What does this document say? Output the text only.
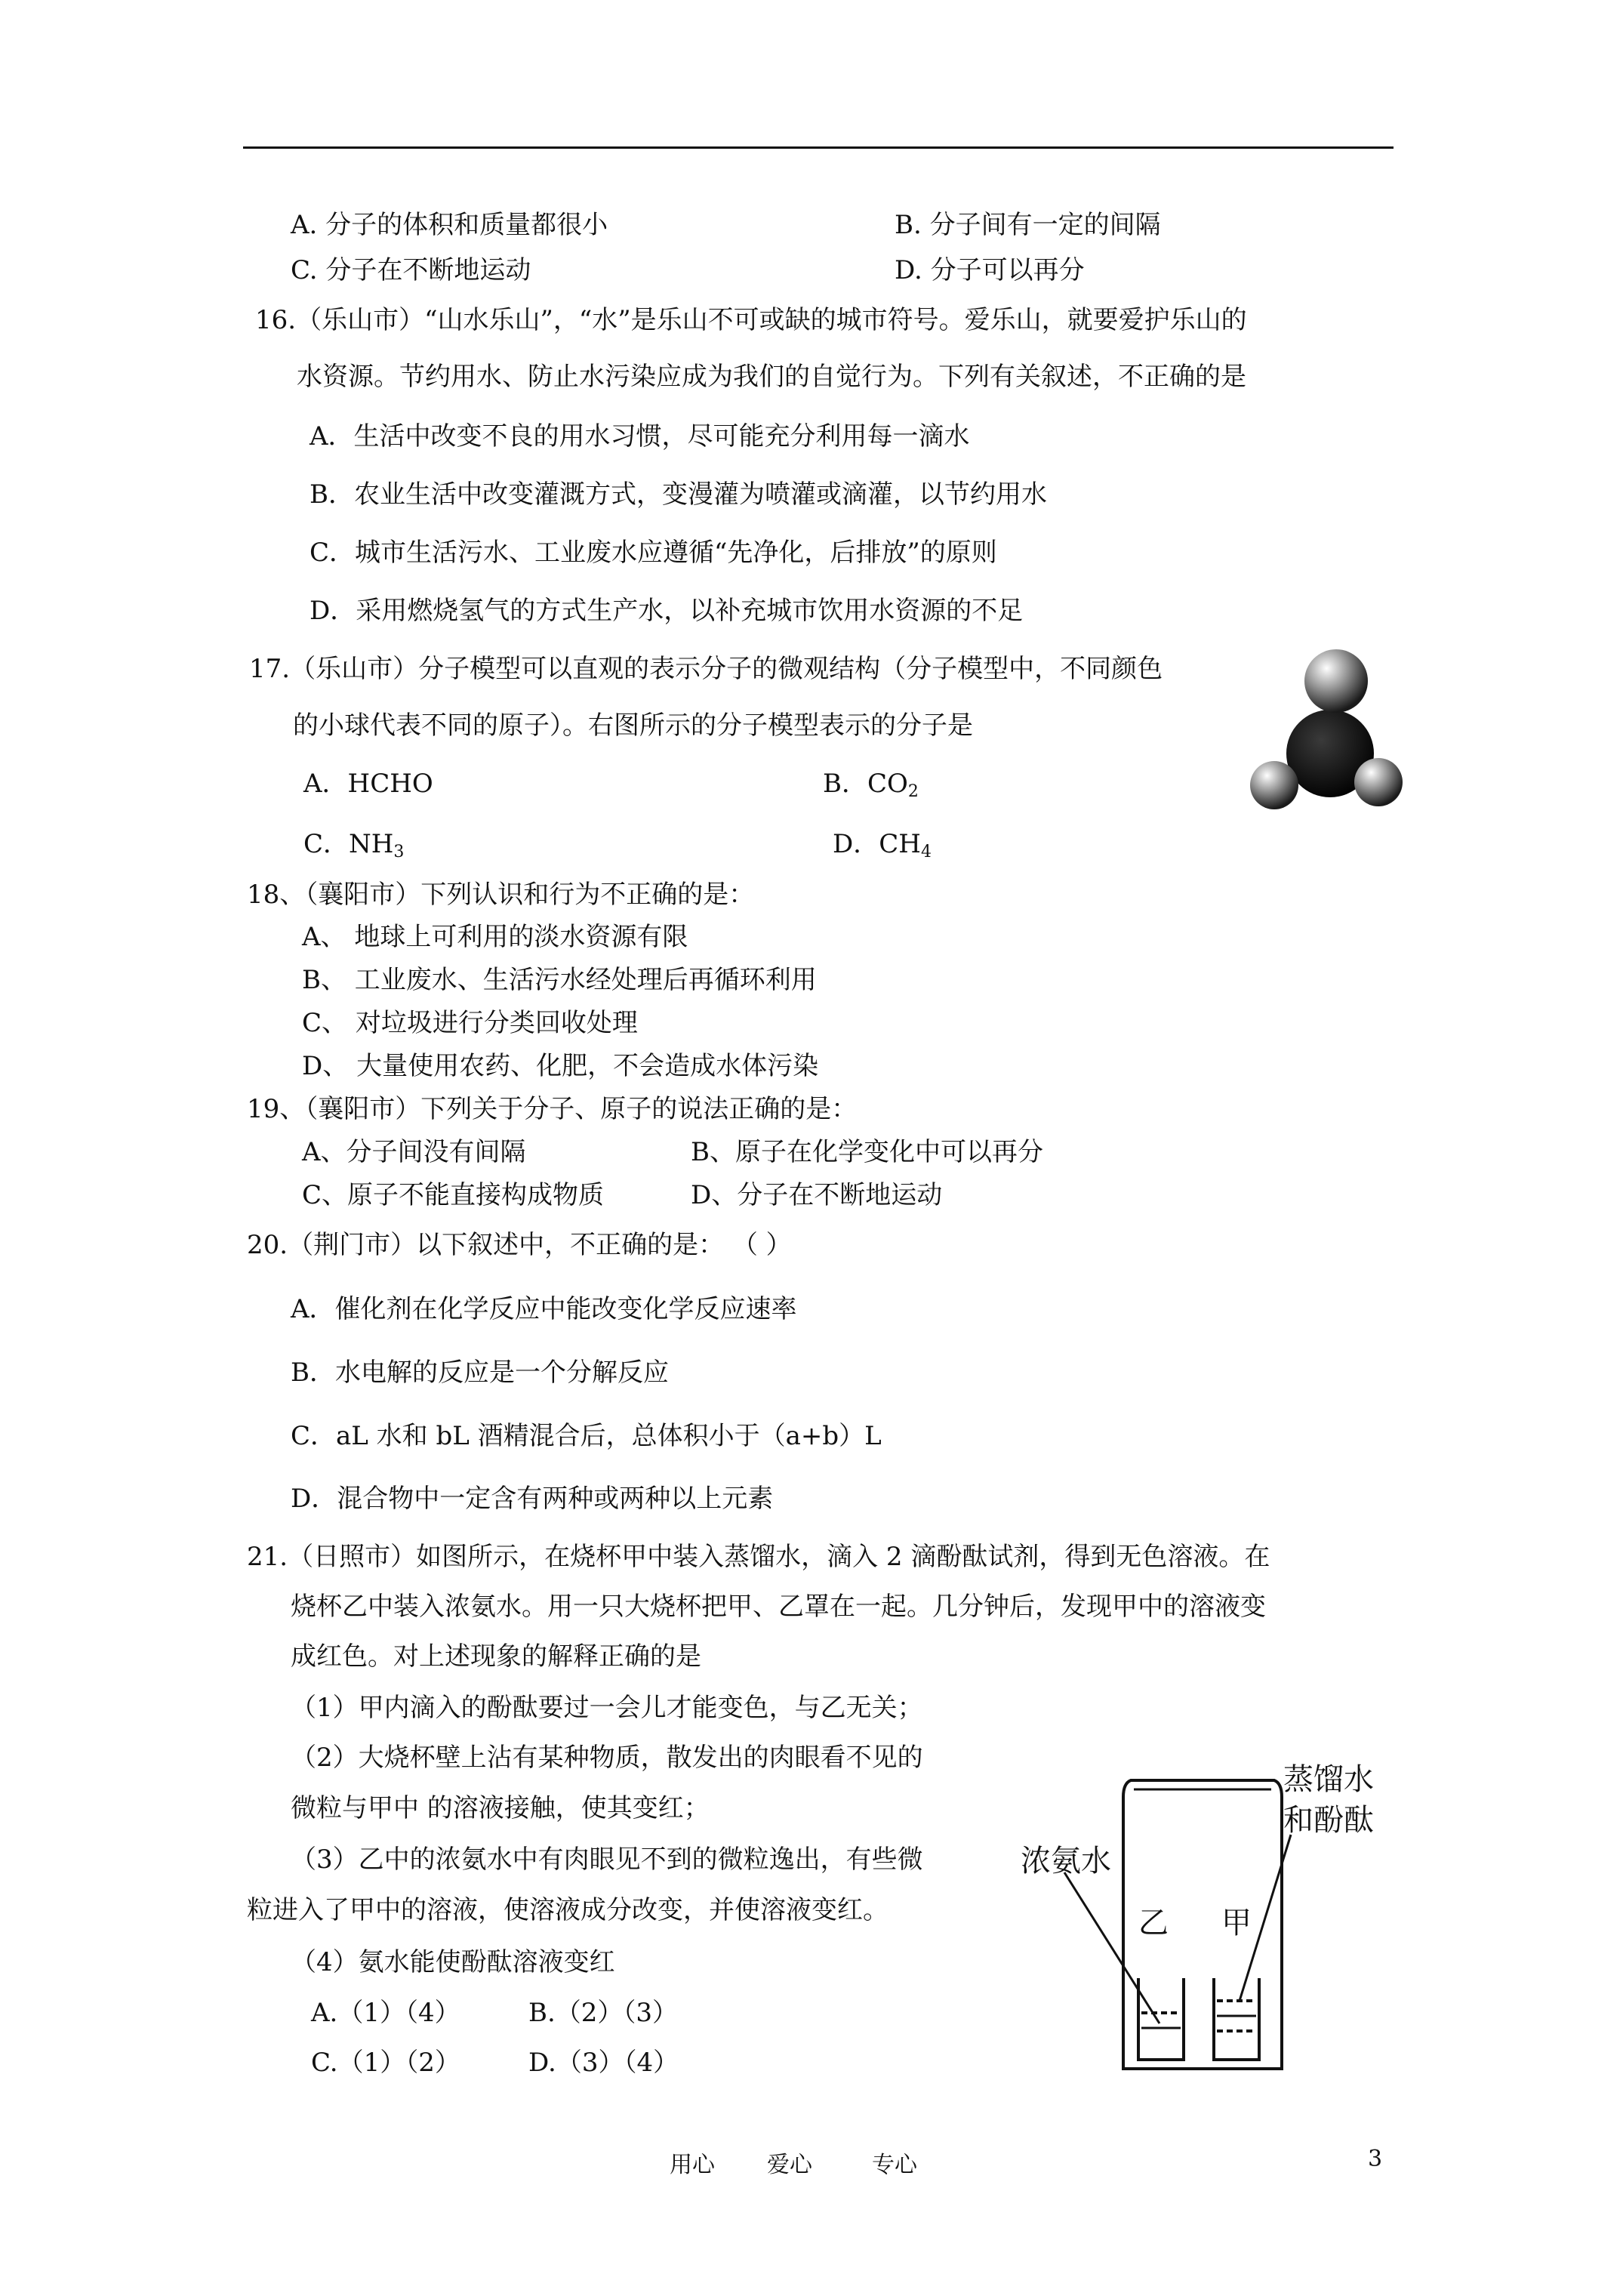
A. 分子的体积和质量都很小	B. 分子间有一定的间隔
C. 分子在不断地运动	D. 分子可以再分
16.（乐山市）“山水乐山”，“水”是乐山不可或缺的城市符号。爱乐山，就要爱护乐山的
水资源。节约用水、防止水污染应成为我们的自觉行为。下列有关叙述，不正确的是
A．生活中改变不良的用水习惯，尽可能充分利用每一滴水
B．农业生活中改变灌溉方式，变漫灌为喷灌或滴灌，以节约用水
C．城市生活污水、工业废水应遵循“先净化，后排放”的原则
D．采用燃烧氢气的方式生产水，以补充城市饮用水资源的不足
17.（乐山市）分子模型可以直观的表示分子的微观结构（分子模型中，不同颜色
的小球代表不同的原子）。右图所示的分子模型表示的分子是
A．HCHO	B．$CO_2$
C．$NH_3$	D．$CH_4$
18、（襄阳市）下列认识和行为不正确的是：
A、 地球上可利用的淡水资源有限
B、 工业废水、生活污水经处理后再循环利用
C、 对垃圾进行分类回收处理
D、 大量使用农药、化肥，不会造成水体污染
19、（襄阳市）下列关于分子、原子的说法正确的是：
A、分子间没有间隔	B、原子在化学变化中可以再分
C、原子不能直接构成物质	D、分子在不断地运动
20.（荆门市）以下叙述中，不正确的是： （ ）
A．催化剂在化学反应中能改变化学反应速率
B．水电解的反应是一个分解反应
C．aL 水和 bL 酒精混合后，总体积小于（a+b）L
D．混合物中一定含有两种或两种以上元素
21.（日照市）如图所示，在烧杯甲中装入蒸馏水，滴入 2 滴酚酞试剂，得到无色溶液。在
烧杯乙中装入浓氨水。用一只大烧杯把甲、乙罩在一起。几分钟后，发现甲中的溶液变
成红色。对上述现象的解释正确的是
（1）甲内滴入的酚酞要过一会儿才能变色，与乙无关；
（2）大烧杯壁上沾有某种物质，散发出的肉眼看不见的
微粒与甲中 的溶液接触，使其变红；
（3）乙中的浓氨水中有肉眼见不到的微粒逸出，有些微
粒进入了甲中的溶液，使溶液成分改变，并使溶液变红。
（4）氨水能使酚酞溶液变红
A.（1）（4）	B.（2）（3）
C.（1）（2）	D.（3）（4）
蒸馏水
和酚酞
浓氨水
乙 甲
用心 爱心	专心	3
